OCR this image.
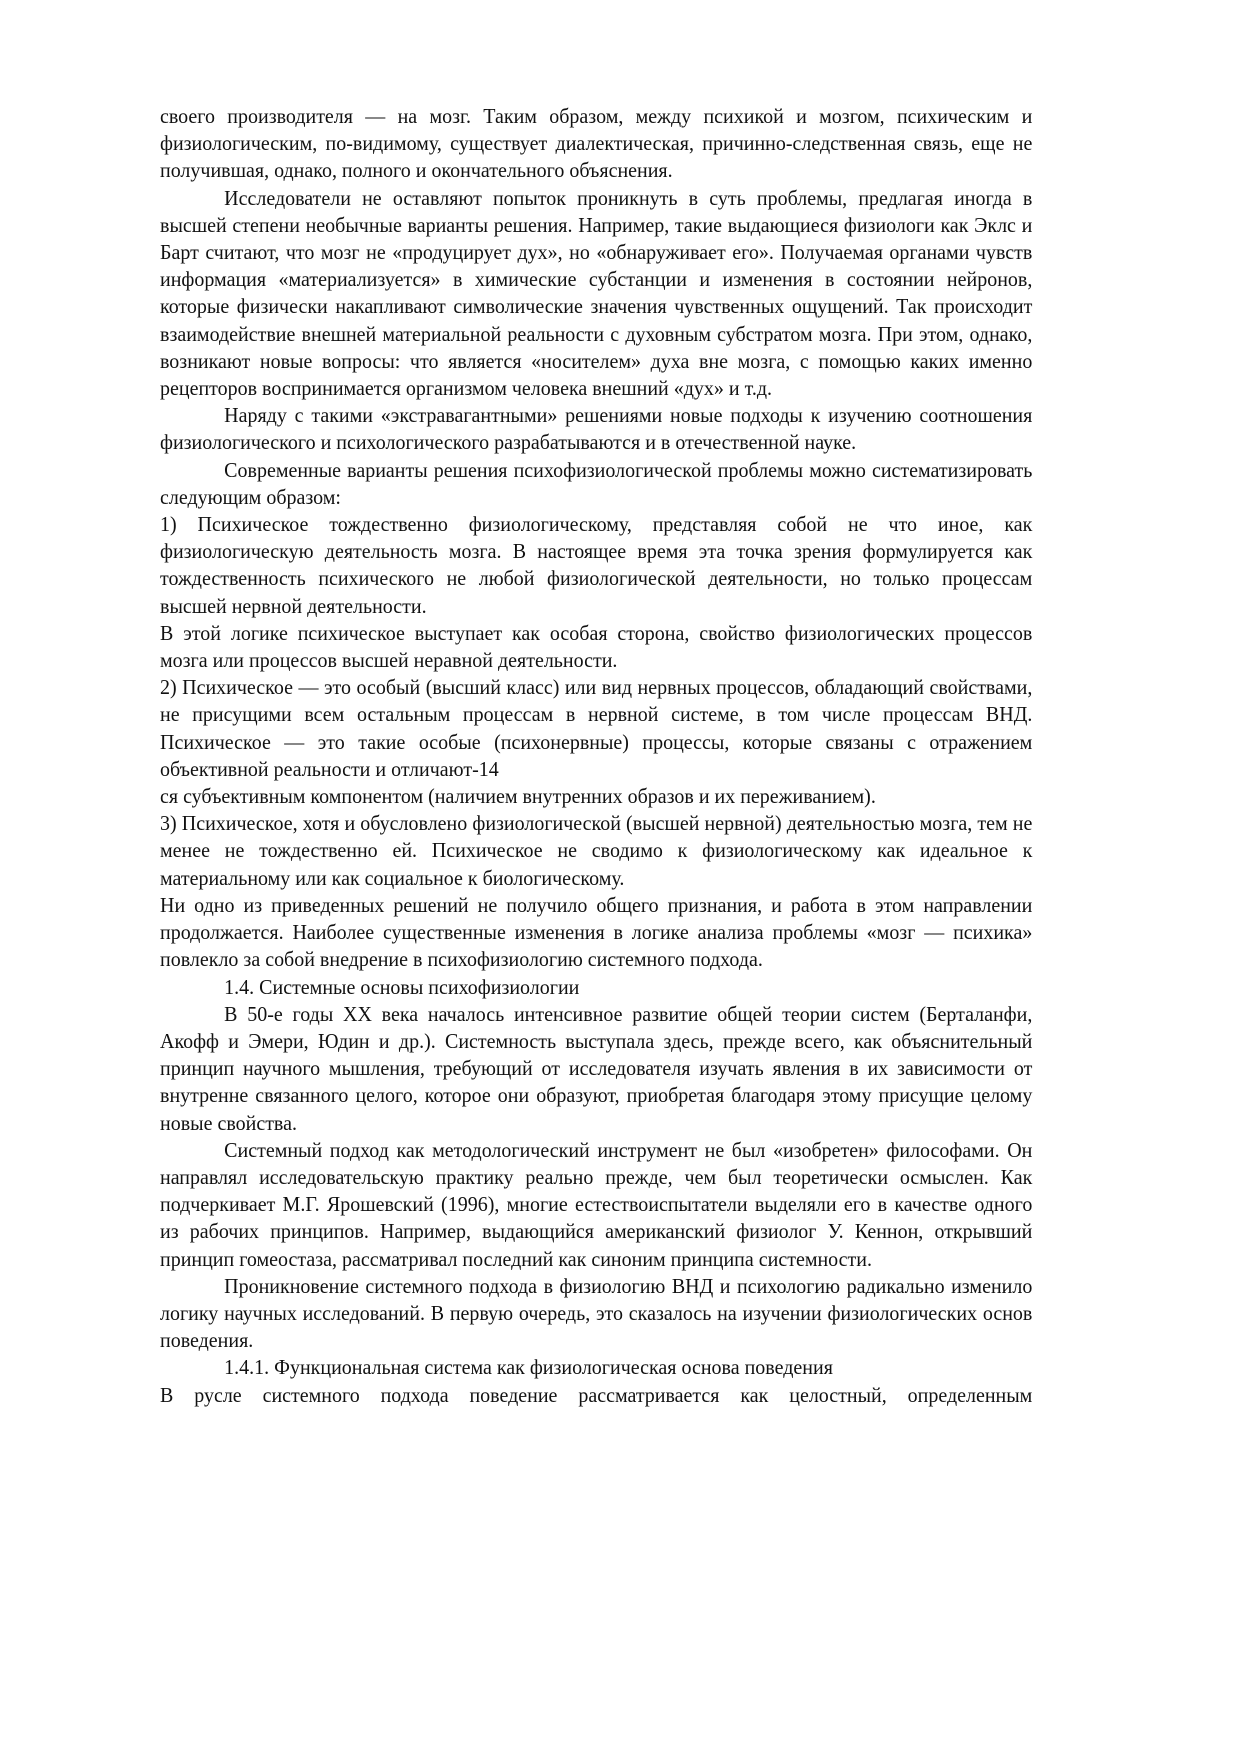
своего производителя — на мозг. Таким образом, между психикой и мозгом, психическим и физиологическим, по-видимому, существует диалектическая, причинно-следственная связь, еще не получившая, однако, полного и окончательного объяснения.

Исследователи не оставляют попыток проникнуть в суть проблемы, предлагая иногда в высшей степени необычные варианты решения. Например, такие выдающиеся физиологи как Эклс и Барт считают, что мозг не «продуцирует дух», но «обнаруживает его». Получаемая органами чувств информация «материализуется» в химические субстанции и изменения в состоянии нейронов, которые физически накапливают символические значения чувственных ощущений. Так происходит взаимодействие внешней материальной реальности с духовным субстратом мозга. При этом, однако, возникают новые вопросы: что является «носителем» духа вне мозга, с помощью каких именно рецепторов воспринимается организмом человека внешний «дух» и т.д.

Наряду с такими «экстравагантными» решениями новые подходы к изучению соотношения физиологического и психологического разрабатываются и в отечественной науке.

Современные варианты решения психофизиологической проблемы можно систематизировать следующим образом:

1) Психическое тождественно физиологическому, представляя собой не что иное, как физиологическую деятельность мозга. В настоящее время эта точка зрения формулируется как тождественность психического не любой физиологической деятельности, но только процессам высшей нервной деятельности.

В этой логике психическое выступает как особая сторона, свойство физиологических процессов мозга или процессов высшей неравной деятельности.

2) Психическое — это особый (высший класс) или вид нервных процессов, обладающий свойствами, не присущими всем остальным процессам в нервной системе, в том числе процессам ВНД. Психическое — это такие особые (психонервные) процессы, которые связаны с отражением объективной реальности и отличают-14

ся субъективным компонентом (наличием внутренних образов и их переживанием).

3) Психическое, хотя и обусловлено физиологической (высшей нервной) деятельностью мозга, тем не менее не тождественно ей. Психическое не сводимо к физиологическому как идеальное к материальному или как социальное к биологическому.

Ни одно из приведенных решений не получило общего признания, и работа в этом направлении продолжается. Наиболее существенные изменения в логике анализа проблемы «мозг — психика» повлекло за собой внедрение в психофизиологию системного подхода.

1.4. Системные основы психофизиологии

В 50-е годы XX века началось интенсивное развитие общей теории систем (Берталанфи, Акофф и Эмери, Юдин и др.). Системность выступала здесь, прежде всего, как объяснительный принцип научного мышления, требующий от исследователя изучать явления в их зависимости от внутренне связанного целого, которое они образуют, приобретая благодаря этому присущие целому новые свойства.

Системный подход как методологический инструмент не был «изобретен» философами. Он направлял исследовательскую практику реально прежде, чем был теоретически осмыслен. Как подчеркивает М.Г. Ярошевский (1996), многие естествоиспытатели выделяли его в качестве одного из рабочих принципов. Например, выдающийся американский физиолог У. Кеннон, открывший принцип гомеостаза, рассматривал последний как синоним принципа системности.

Проникновение системного подхода в физиологию ВНД и психологию радикально изменило логику научных исследований. В первую очередь, это сказалось на изучении физиологических основ поведения.

1.4.1. Функциональная система как физиологическая основа поведения

В русле системного подхода поведение рассматривается как целостный, определенным
